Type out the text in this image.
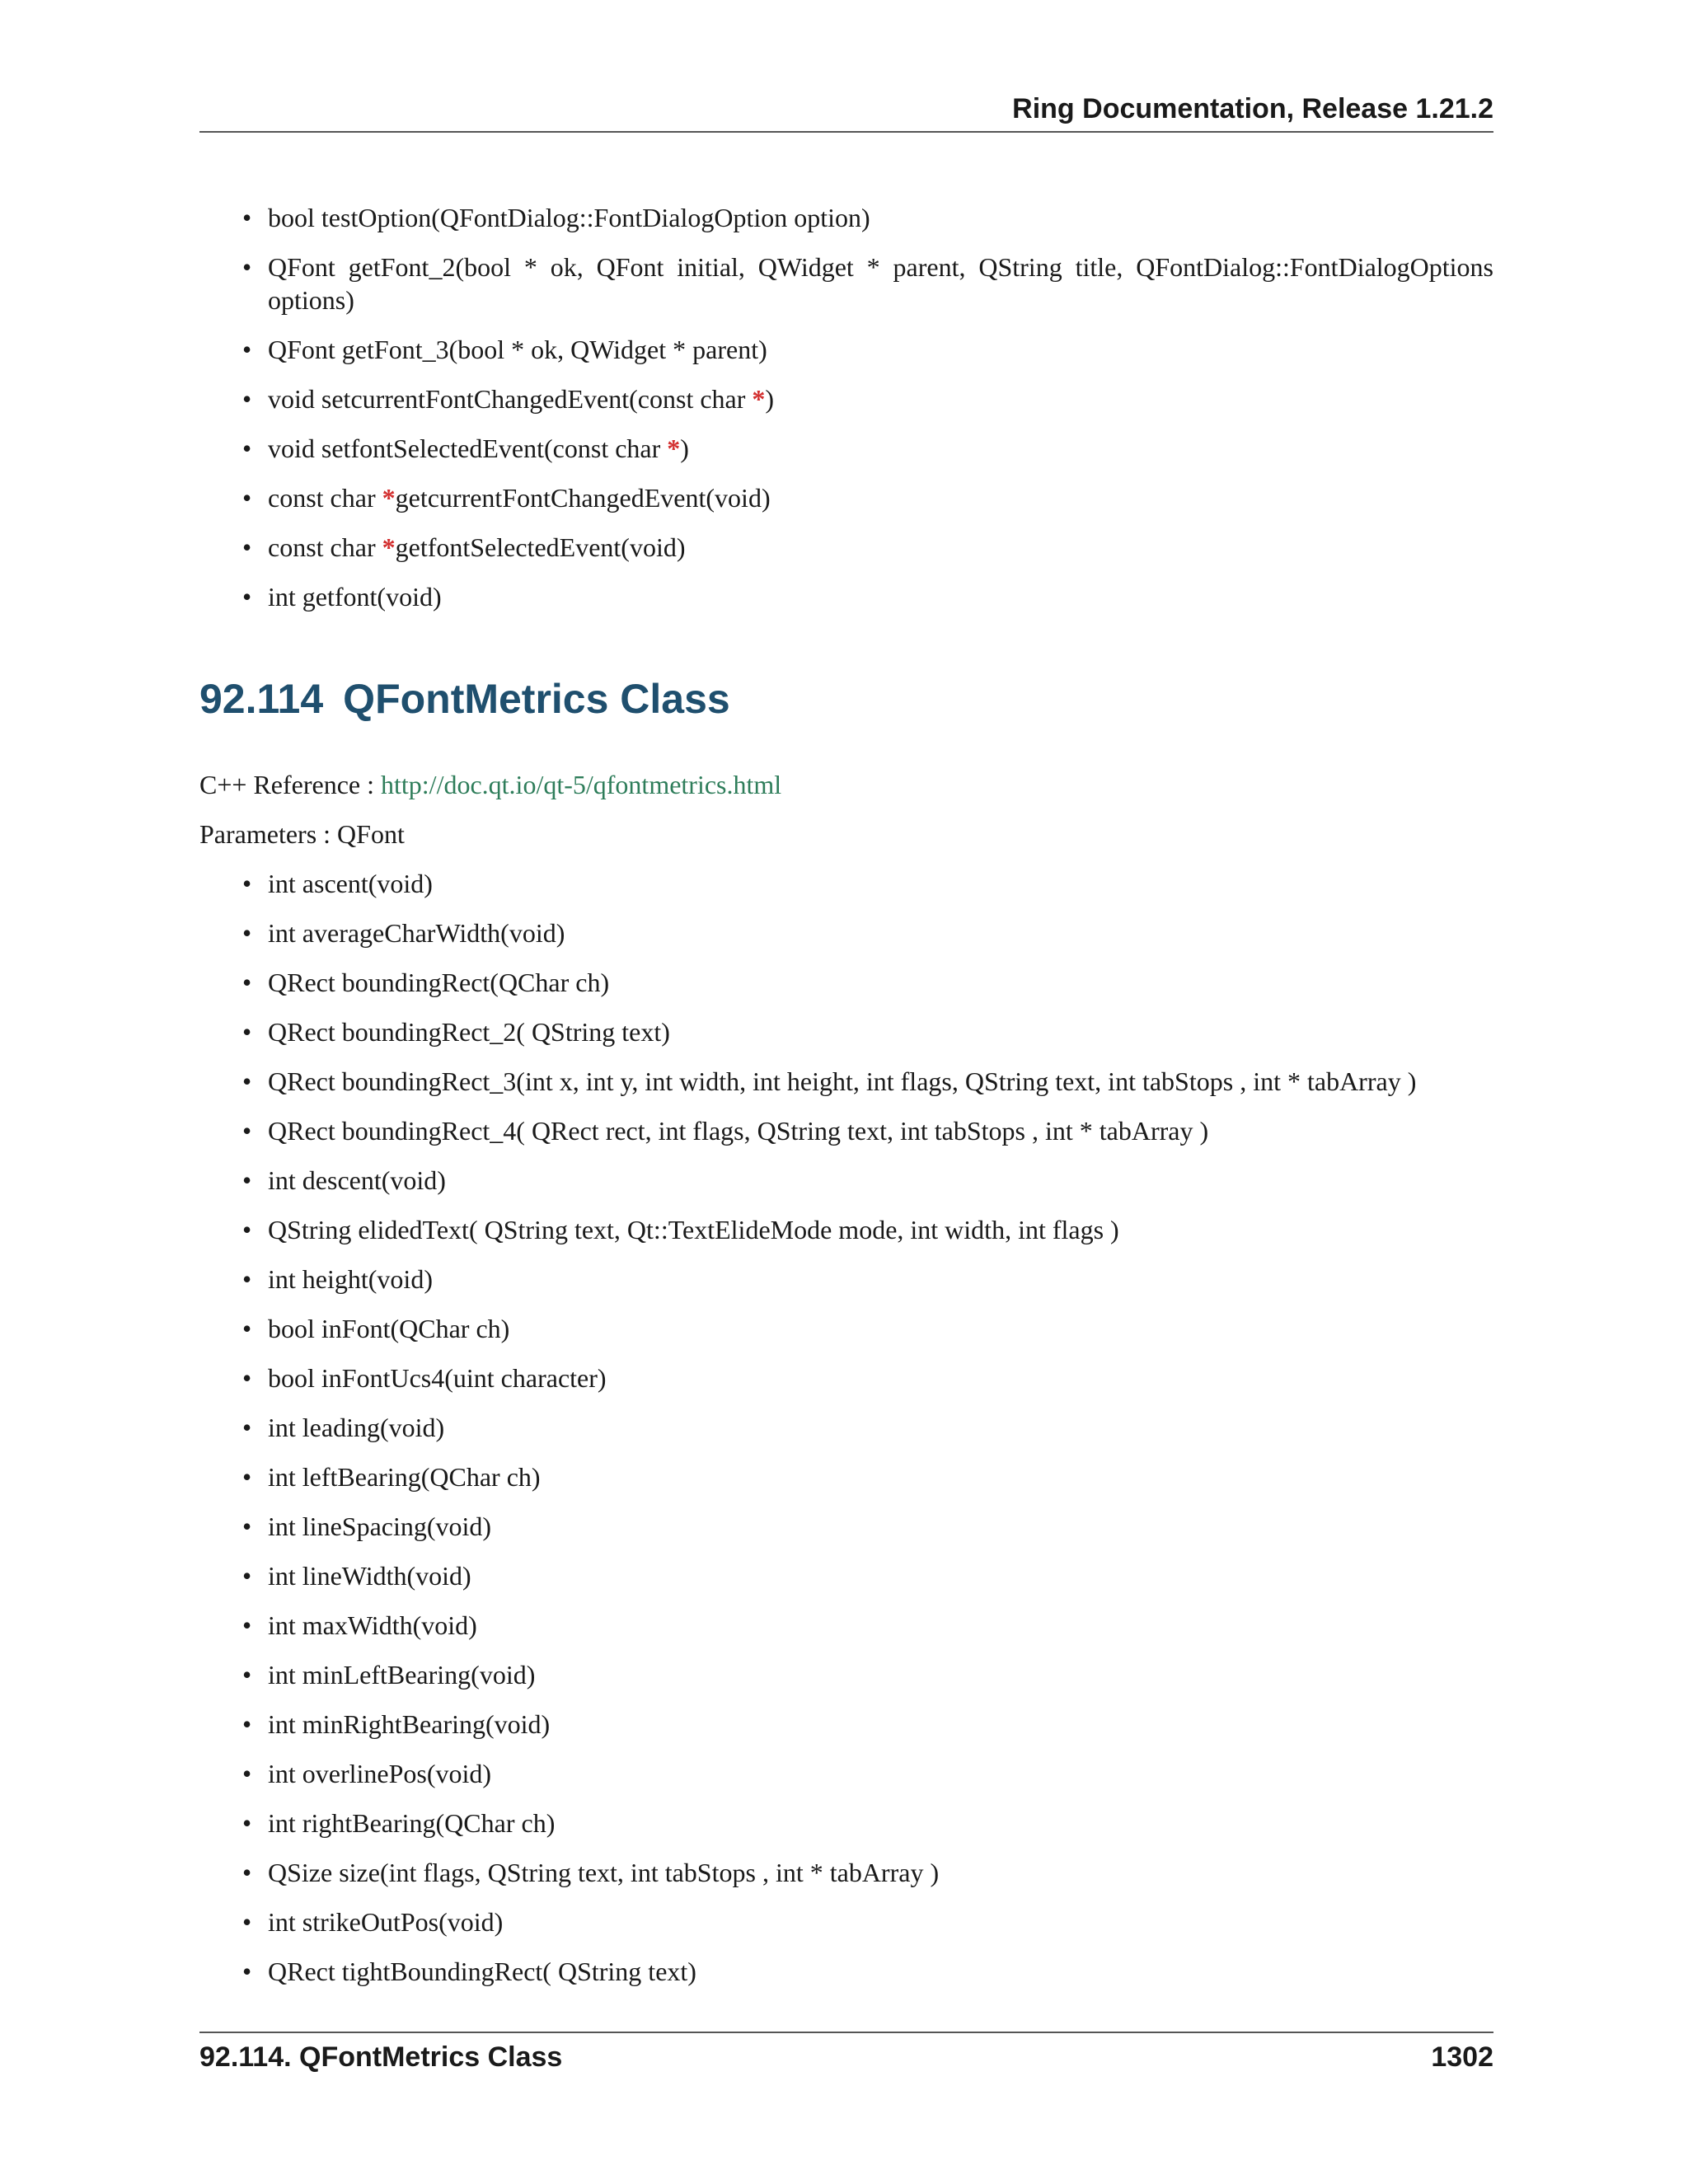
Ring Documentation, Release 1.21.2
• bool testOption(QFontDialog::FontDialogOption option)
• QFont getFont_2(bool * ok, QFont initial, QWidget * parent, QString title, QFontDialog::FontDialogOptions options)
• QFont getFont_3(bool * ok, QWidget * parent)
• void setcurrentFontChangedEvent(const char *)
• void setfontSelectedEvent(const char *)
• const char *getcurrentFontChangedEvent(void)
• const char *getfontSelectedEvent(void)
• int getfont(void)
92.114 QFontMetrics Class
C++ Reference : http://doc.qt.io/qt-5/qfontmetrics.html
Parameters : QFont
• int ascent(void)
• int averageCharWidth(void)
• QRect boundingRect(QChar ch)
• QRect boundingRect_2( QString text)
• QRect boundingRect_3(int x, int y, int width, int height, int flags, QString text, int tabStops , int * tabArray )
• QRect boundingRect_4( QRect rect, int flags, QString text, int tabStops , int * tabArray )
• int descent(void)
• QString elidedText( QString text, Qt::TextElideMode mode, int width, int flags )
• int height(void)
• bool inFont(QChar ch)
• bool inFontUcs4(uint character)
• int leading(void)
• int leftBearing(QChar ch)
• int lineSpacing(void)
• int lineWidth(void)
• int maxWidth(void)
• int minLeftBearing(void)
• int minRightBearing(void)
• int overlinePos(void)
• int rightBearing(QChar ch)
• QSize size(int flags, QString text, int tabStops , int * tabArray )
• int strikeOutPos(void)
• QRect tightBoundingRect( QString text)
92.114. QFontMetrics Class	1302
